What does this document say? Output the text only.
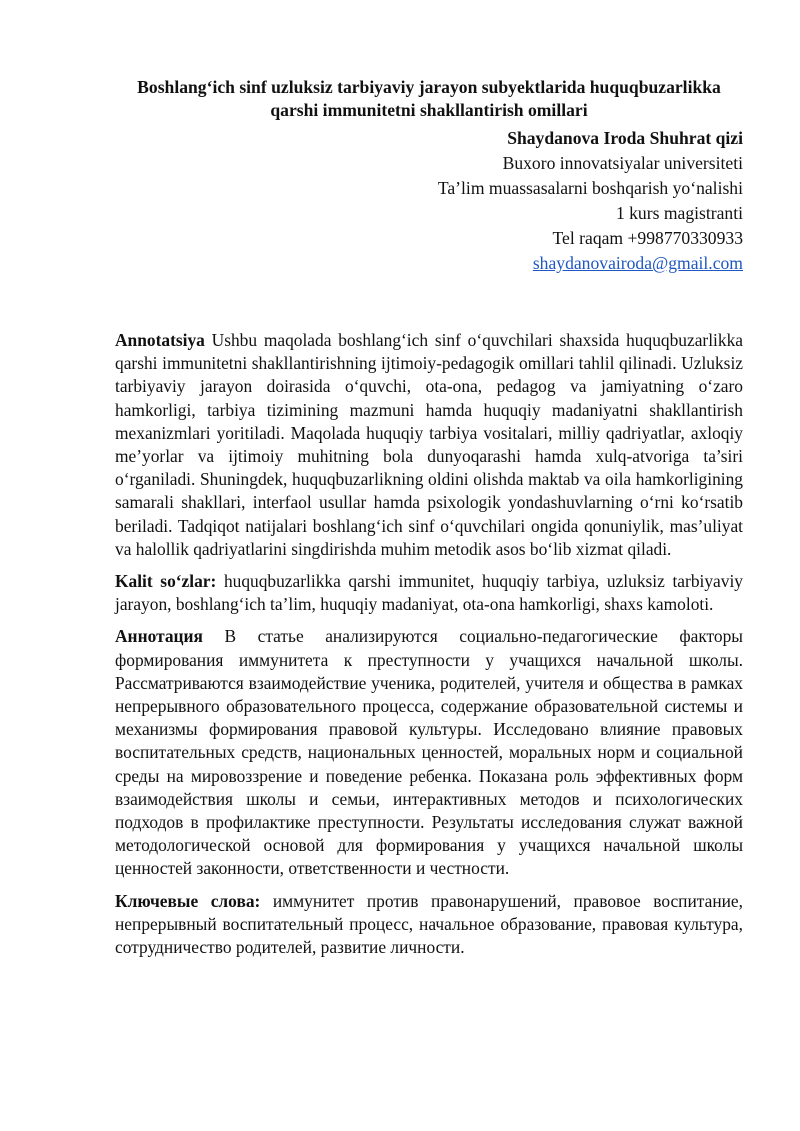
Boshlang‘ich sinf uzluksiz tarbiyaviy jarayon subyektlarida huquqbuzarlikka
qarshi immunitetni shakllantirish omillari
Shaydanova Iroda Shuhrat qizi
Buxoro innovatsiyalar universiteti
Ta’lim muassasalarni boshqarish yo‘nalishi
1 kurs magistranti
Tel raqam +998770330933
shaydanovairoda@gmail.com

Annotatsiya Ushbu maqolada boshlang‘ich sinf o‘quvchilari shaxsida huquqbuzarlikka qarshi immunitetni shakllantirishning ijtimoiy-pedagogik omillari tahlil qilinadi. Uzluksiz tarbiyaviy jarayon doirasida o‘quvchi, ota-ona, pedagog va jamiyatning o‘zaro hamkorligi, tarbiya tizimining mazmuni hamda huquqiy madaniyatni shakllantirish mexanizmlari yoritiladi. Maqolada huquqiy tarbiya vositalari, milliy qadriyatlar, axloqiy me’yorlar va ijtimoiy muhitning bola dunyoqarashi hamda xulq-atvoriga ta’siri o‘rganiladi. Shuningdek, huquqbuzarlikning oldini olishda maktab va oila hamkorligining samarali shakllari, interfaol usullar hamda psixologik yondashuvlarning o‘rni ko‘rsatib beriladi. Tadqiqot natijalari boshlang‘ich sinf o‘quvchilari ongida qonuniylik, mas’uliyat va halollik qadriyatlarini singdirishda muhim metodik asos bo‘lib xizmat qiladi.

Kalit so‘zlar: huquqbuzarlikka qarshi immunitet, huquqiy tarbiya, uzluksiz tarbiyaviy jarayon, boshlang‘ich ta’lim, huquqiy madaniyat, ota-ona hamkorligi, shaxs kamoloti.

Аннотация В статье анализируются социально-педагогические факторы формирования иммунитета к преступности у учащихся начальной школы. Рассматриваются взаимодействие ученика, родителей, учителя и общества в рамках непрерывного образовательного процесса, содержание образовательной системы и механизмы формирования правовой культуры. Исследовано влияние правовых воспитательных средств, национальных ценностей, моральных норм и социальной среды на мировоззрение и поведение ребенка. Показана роль эффективных форм взаимодействия школы и семьи, интерактивных методов и психологических подходов в профилактике преступности. Результаты исследования служат важной методологической основой для формирования у учащихся начальной школы ценностей законности, ответственности и честности.

Ключевые слова: иммунитет против правонарушений, правовое воспитание, непрерывный воспитательный процесс, начальное образование, правовая культура, сотрудничество родителей, развитие личности.
